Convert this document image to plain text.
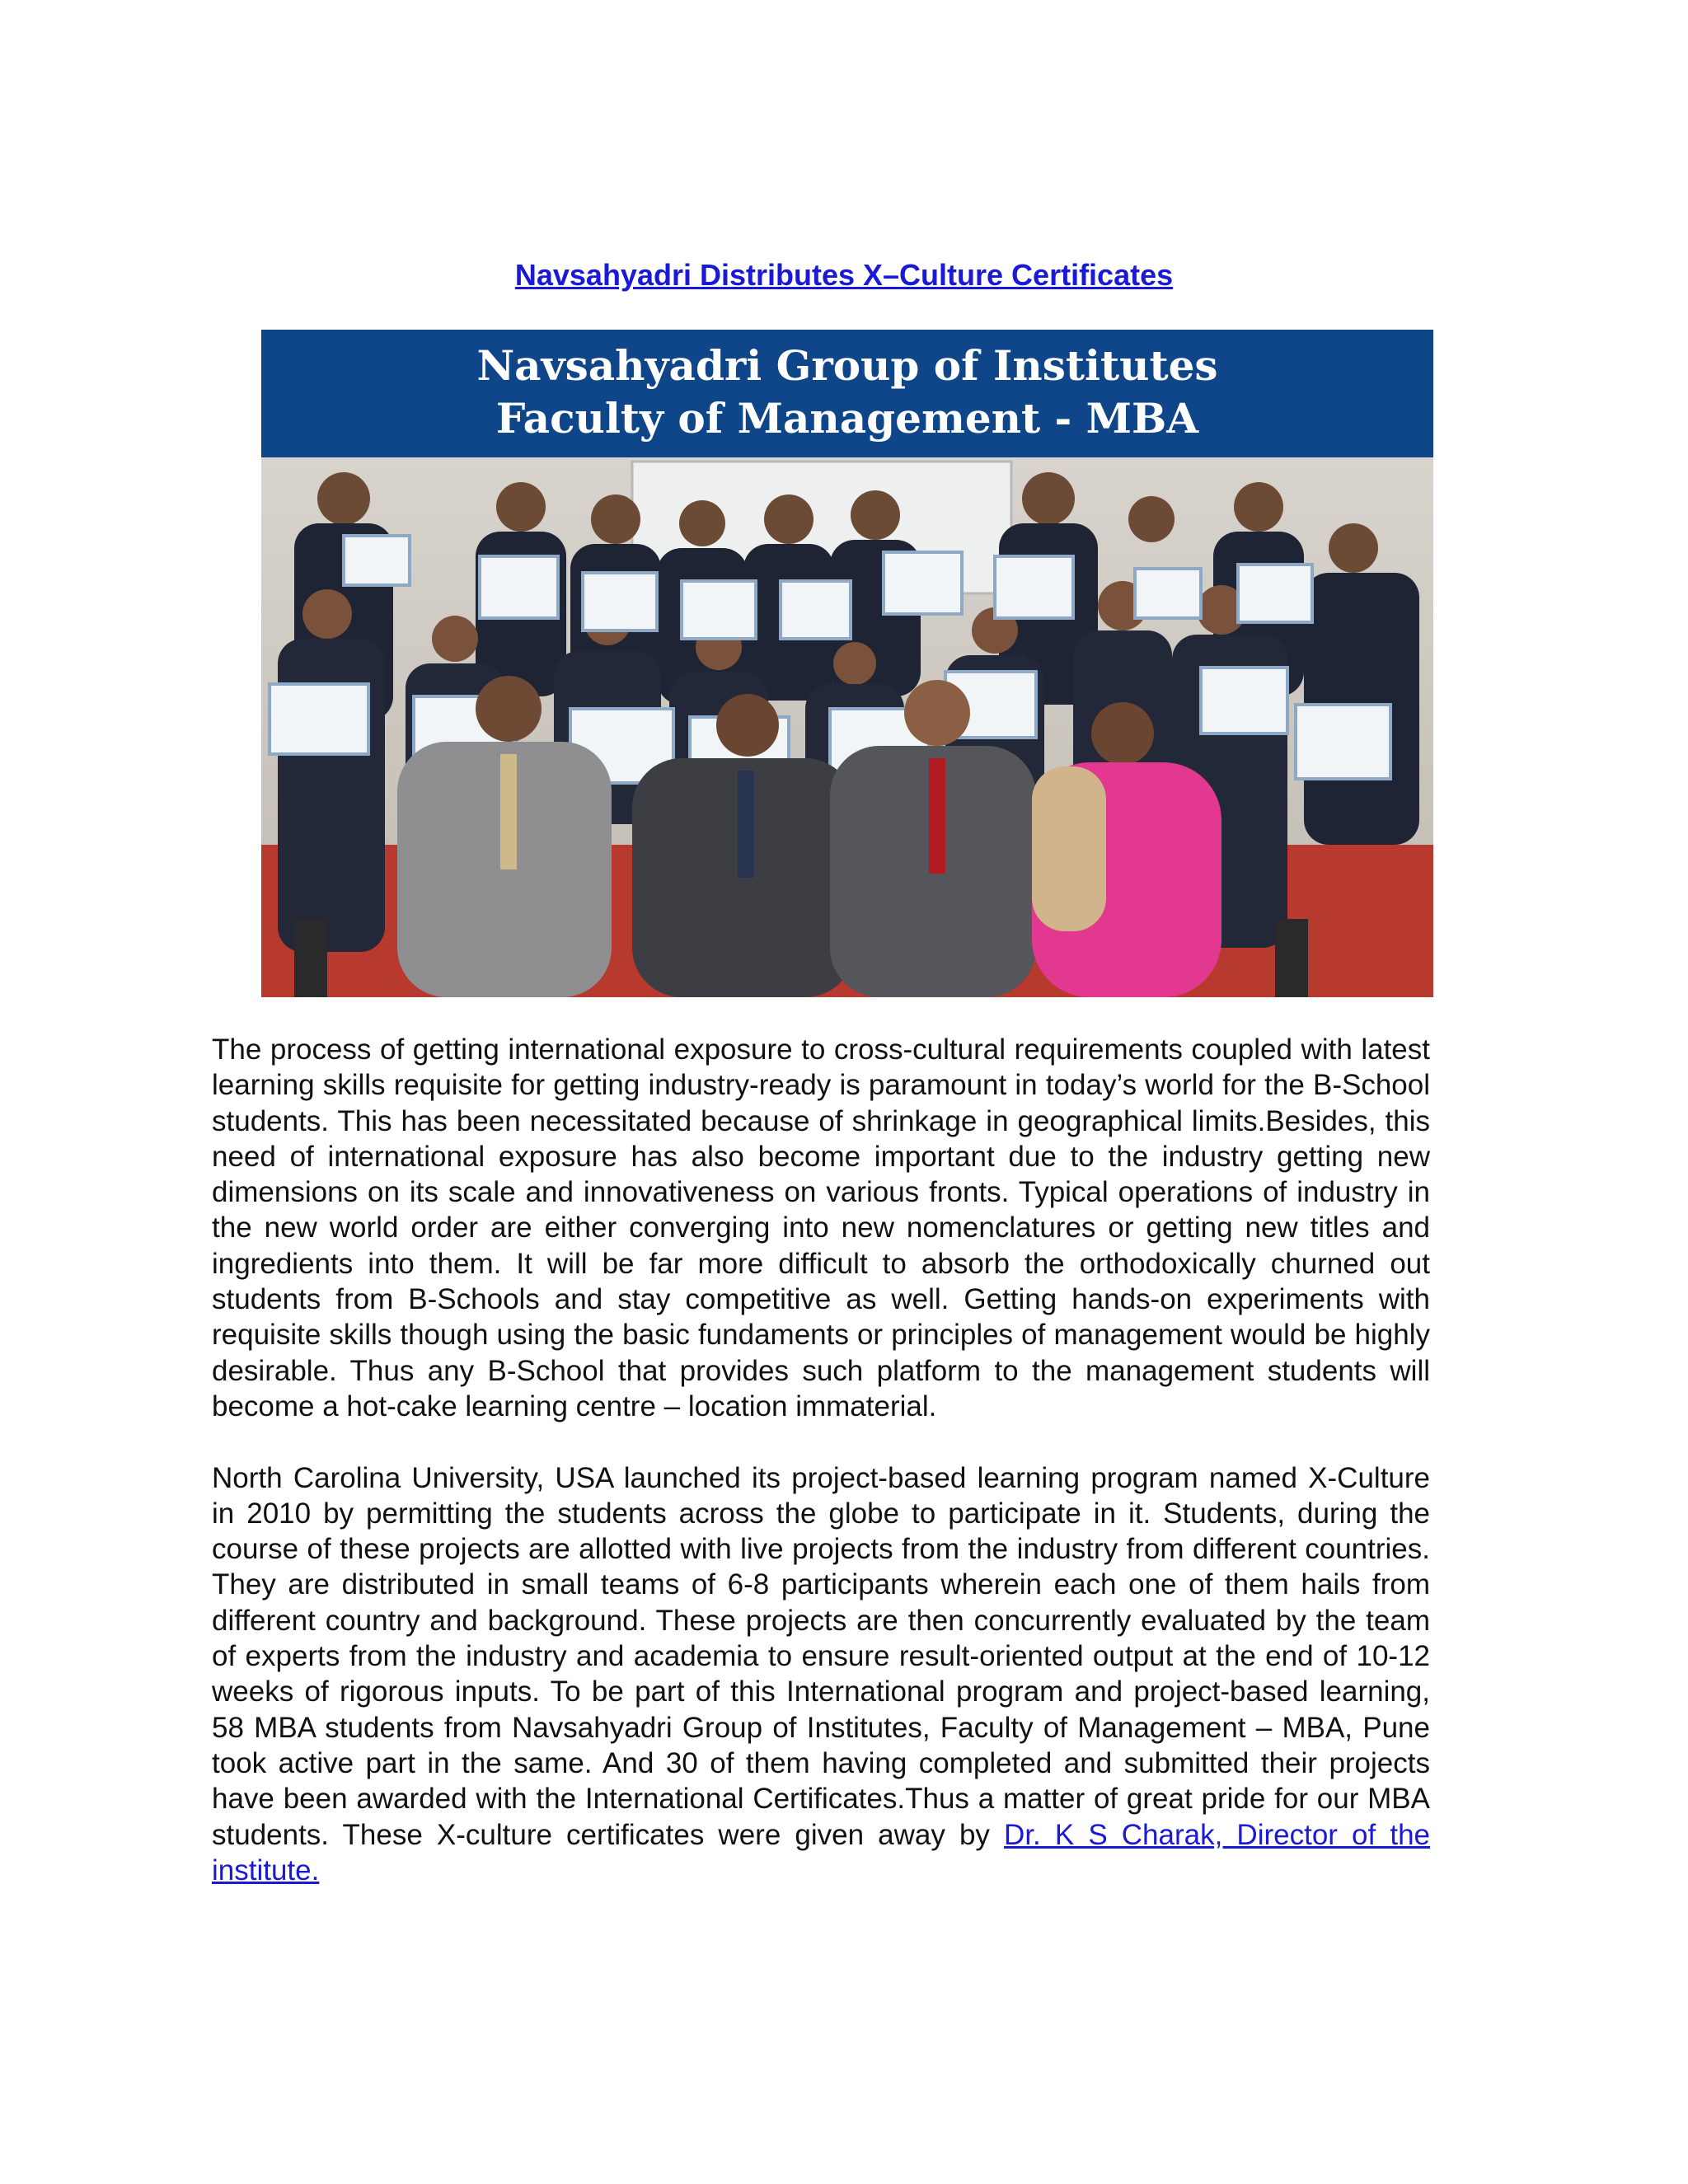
Navsahyadri Distributes X–Culture Certificates
Navsahyadri Group of Institutes
Faculty of Management - MBA

The process of getting international exposure to cross-cultural requirements coupled with latest learning skills requisite for getting industry-ready is paramount in today’s world for the B-School students. This has been necessitated because of shrinkage in geographical limits.Besides, this need of international exposure has also become important due to the industry getting new dimensions on its scale and innovativeness on various fronts. Typical operations of industry in the new world order are either converging into new nomenclatures or getting new titles and ingredients into them. It will be far more difficult to absorb the orthodoxically churned out students from B-Schools and stay competitive as well. Getting hands-on experiments with requisite skills though using the basic fundaments or principles of management would be highly desirable. Thus any B-School that provides such platform to the management students will become a hot-cake learning centre – location immaterial.

North Carolina University, USA launched its project-based learning program named X-Culture in 2010 by permitting the students across the globe to participate in it. Students, during the course of these projects are allotted with live projects from the industry from different countries. They are distributed in small teams of 6-8 participants wherein each one of them hails from different country and background. These projects are then concurrently evaluated by the team of experts from the industry and academia to ensure result-oriented output at the end of 10-12 weeks of rigorous inputs. To be part of this International program and project-based learning, 58 MBA students from Navsahyadri Group of Institutes, Faculty of Management – MBA, Pune took active part in the same. And 30 of them having completed and submitted their projects have been awarded with the International Certificates.Thus a matter of great pride for our MBA students. These X-culture certificates were given away by Dr. K S Charak, Director of the institute.
